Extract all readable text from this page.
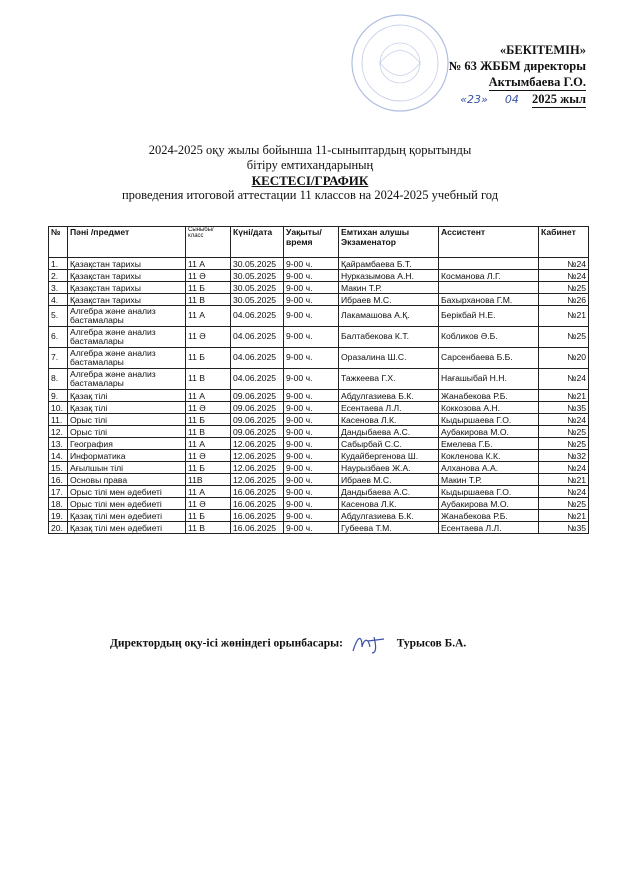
«БЕКІТЕМІН»
№ 63 ЖББМ директоры
Актымбаева Г.О.
«23» 04 2025 жыл
2024-2025 оқу жылы бойынша 11-сыныптардың қорытынды
бітіру емтихандарының
КЕСТЕСІ/ГРАФИК
проведения итоговой аттестации 11 классов на 2024-2025 учебный год
№	Пәні /предмет	Сыныбы/класс	Күні/дата	Уақыты/ время	Емтихан алушы Экзаменатор	Ассистент	Кабинет
1.	Қазақстан тарихы	11 А	30.05.2025	9-00 ч.	Қайрамбаева Б.Т.		№24
2.	Қазақстан тарихы	11 Ә	30.05.2025	9-00 ч.	Нурказымова А.Н.	Косманова Л.Г.	№24
3.	Қазақстан тарихы	11 Б	30.05.2025	9-00 ч.	Макин Т.Р.		№25
4.	Қазақстан тарихы	11 В	30.05.2025	9-00 ч.	Ибраев М.С.	Бахырханова Г.М.	№26
5.	Алгебра және анализ бастамалары	11 А	04.06.2025	9-00 ч.	Лакамашова А.Қ.	Берікбай Н.Е.	№21
6.	Алгебра және анализ бастамалары	11 Ә	04.06.2025	9-00 ч.	Балтабекова К.Т.	Кобликов Ә.Б.	№25
7.	Алгебра және анализ бастамалары	11 Б	04.06.2025	9-00 ч.	Оразалина Ш.С.	Сарсенбаева Б.Б.	№20
8.	Алгебра және анализ бастамалары	11 В	04.06.2025	9-00 ч.	Тажкеева Г.Х.	Нағашыбай Н.Н.	№24
9.	Қазақ тілі	11 А	09.06.2025	9-00 ч.	Абдулгазиева Б.К.	Жанабекова Р.Б.	№21
10.	Қазақ тілі	11 Ә	09.06.2025	9-00 ч.	Есентаева Л.Л.	Коккозова А.Н.	№35
11.	Орыс тілі	11 Б	09.06.2025	9-00 ч.	Касенова Л.К.	Кыдыршаева Г.О.	№24
12.	Орыс тілі	11 В	09.06.2025	9-00 ч.	Дандыбаева А.С.	Аубакирова М.О.	№25
13.	География	11 А	12.06.2025	9-00 ч.	Сабырбай С.С.	Емелева Г.Б.	№25
14.	Информатика	11 Ә	12.06.2025	9-00 ч.	Кудайбергенова Ш.	Кокленова К.К.	№32
15.	Ағылшын тілі	11 Б	12.06.2025	9-00 ч.	Наурызбаев Ж.А.	Алханова А.А.	№24
16.	Основы права	11В	12.06.2025	9-00 ч.	Ибраев М.С.	Макин Т.Р.	№21
17.	Орыс тілі мен әдебиеті	11 А	16.06.2025	9-00 ч.	Дандыбаева А.С.	Кыдыршаева Г.О.	№24
18.	Орыс тілі мен әдебиеті	11 Ә	16.06.2025	9-00 ч.	Касенова Л.К.	Аубакирова М.О.	№25
19.	Қазақ тілі мен әдебиеті	11 Б	16.06.2025	9-00 ч.	Абдулгазиева Б.К.	Жанабекова Р.Б.	№21
20.	Қазақ тілі мен әдебиеті	11 В	16.06.2025	9-00 ч.	Губеева Т.М.	Есентаева Л.Л.	№35
Директордың оқу-ісі жөніндегі орынбасары:	Турысов Б.А.
